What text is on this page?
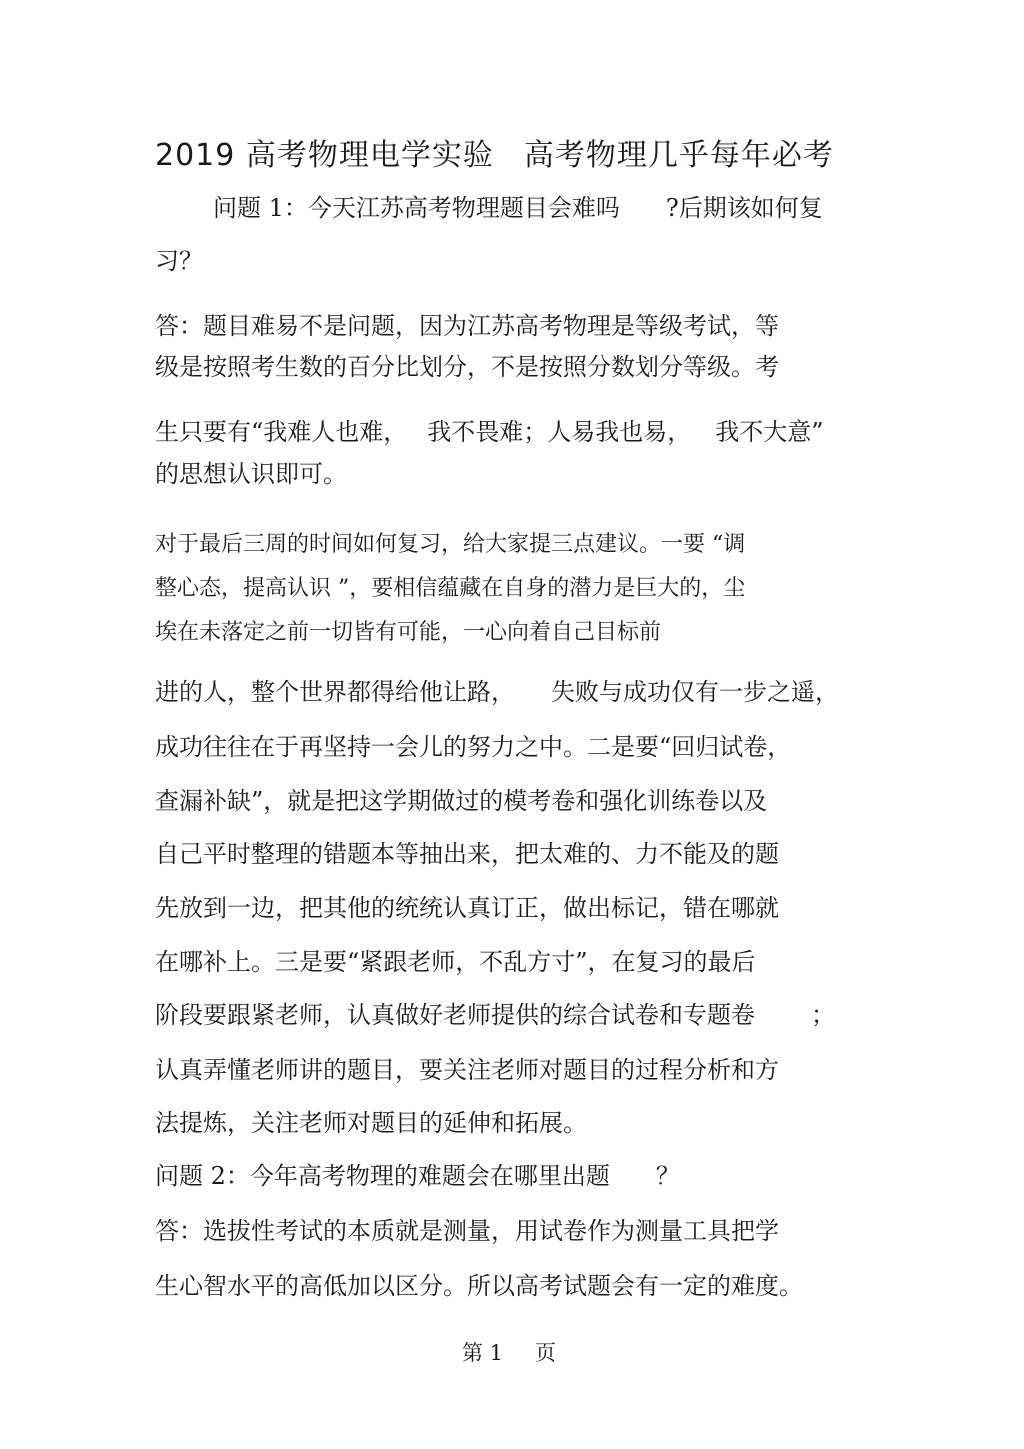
2019 高考物理电学实验 高考物理几乎每年必考
问题 1：今天江苏高考物理题目会难吗 ?后期该如何复
习？
答：题目难易不是问题，因为江苏高考物理是等级考试，等
级是按照考生数的百分比划分，不是按照分数划分等级。考
生只要有“我难人也难， 我不畏难；人易我也易， 我不大意”
的思想认识即可。
对于最后三周的时间如何复习，给大家提三点建议。一要 “调
整心态，提高认识 ”，要相信蕴藏在自身的潜力是巨大的，尘
埃在未落定之前一切皆有可能，一心向着自己目标前
进的人，整个世界都得给他让路， 失败与成功仅有一步之遥，
成功往往在于再坚持一会儿的努力之中。二是要“回归试卷，
查漏补缺”，就是把这学期做过的模考卷和强化训练卷以及
自己平时整理的错题本等抽出来，把太难的、力不能及的题
先放到一边，把其他的统统认真订正，做出标记，错在哪就
在哪补上。三是要“紧跟老师，不乱方寸”，在复习的最后
阶段要跟紧老师，认真做好老师提供的综合试卷和专题卷 ；
认真弄懂老师讲的题目，要关注老师对题目的过程分析和方
法提炼，关注老师对题目的延伸和拓展。
问题 2：今年高考物理的难题会在哪里出题 ？
答：选拔性考试的本质就是测量，用试卷作为测量工具把学
生心智水平的高低加以区分。所以高考试题会有一定的难度。
第 1 页
